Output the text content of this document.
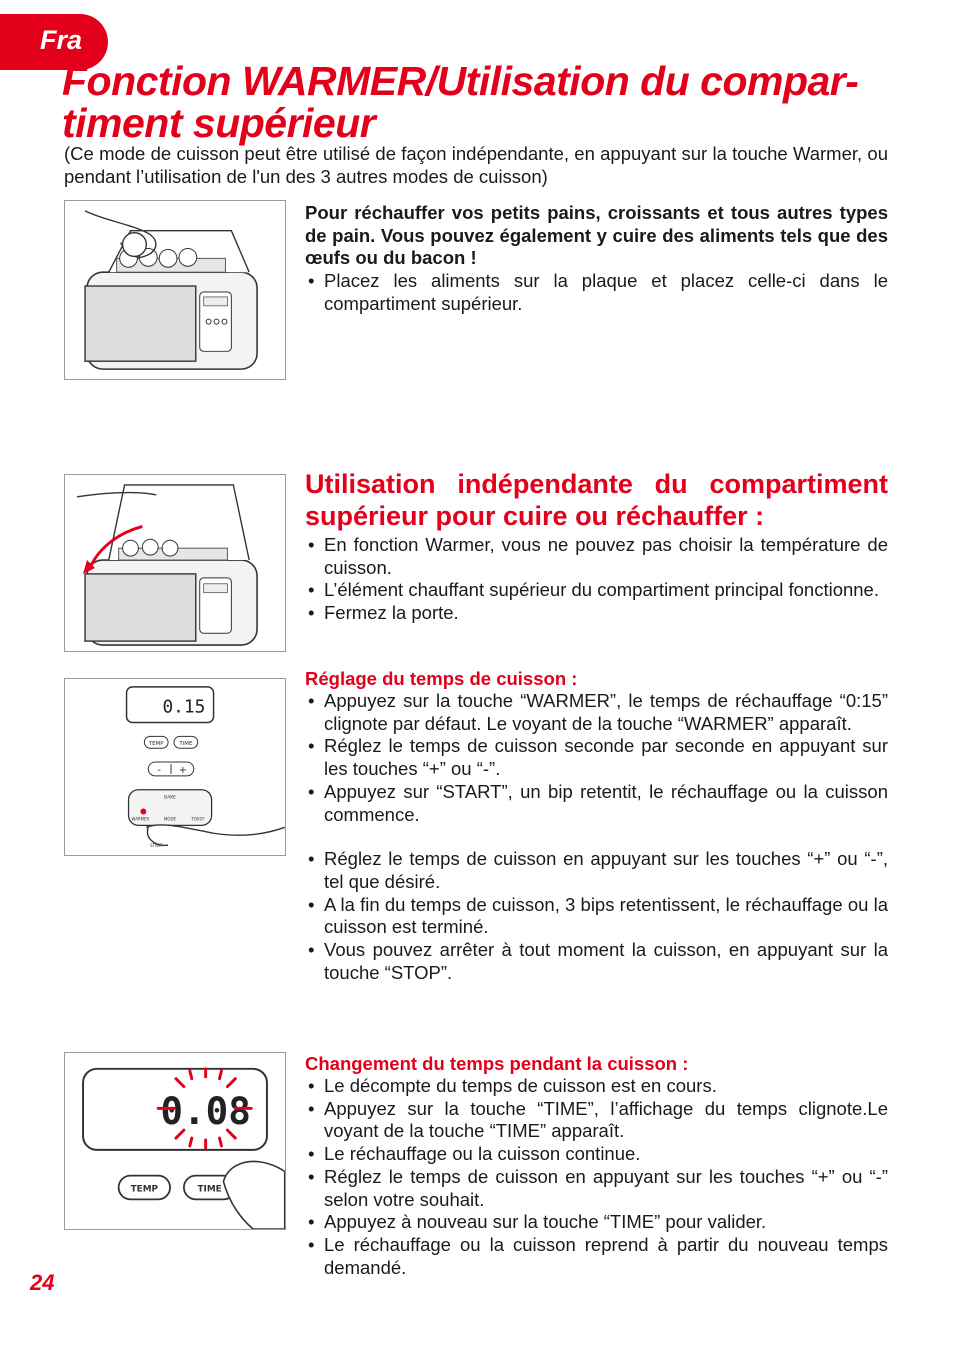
Fra
Fonction WARMER/Utilisation du compar-timent supérieur

(Ce mode de cuisson peut être utilisé de façon indépendante, en appuyant sur la touche Warmer, ou pendant l’utilisation de l'un des 3 autres modes de cuisson)

Pour réchauffer vos petits pains, croissants et tous autres types de pain. Vous pouvez également y cuire des aliments tels que des œufs ou du bacon !

• Placez les aliments sur la plaque et placez celle-ci dans le compartiment supérieur.
Utilisation indépendante du compartiment supérieur pour cuire ou réchauffer :
• En fonction Warmer, vous ne pouvez pas choisir la température de cuisson.
• L’élément chauffant supérieur du compartiment principal fonctionne.
• Fermez la porte.
0.15
TEMP	TIME
- +
BAKE
WARMER	MODE	TOAST
START
Réglage du temps de cuisson :
• Appuyez sur la touche “WARMER”, le temps de réchauffage “0:15” clignote par défaut. Le voyant de la touche “WARMER” apparaît.
• Réglez le temps de cuisson seconde par seconde en appuyant sur les touches “+” ou “-”.
• Appuyez sur “START”, un bip retentit, le réchauffage ou la cuisson commence.
• Réglez le temps de cuisson en appuyant sur les touches “+” ou “-”, tel que désiré.
• A la fin du temps de cuisson, 3 bips retentissent, le réchauffage ou la cuisson est terminé.
• Vous pouvez arrêter à tout moment la cuisson, en appuyant sur la touche “STOP”.
0.08
TEMP	TIME
Changement du temps pendant la cuisson :
• Le décompte du temps de cuisson est en cours.
• Appuyez sur la touche “TIME”, l’affichage du temps clignote.Le voyant de la touche “TIME” apparaît.
• Le réchauffage ou la cuisson continue.
• Réglez le temps de cuisson en appuyant sur les touches “+” ou “-” selon votre souhait.
• Appuyez à nouveau sur la touche “TIME” pour valider.
• Le réchauffage ou la cuisson reprend à partir du nouveau temps demandé.
24
